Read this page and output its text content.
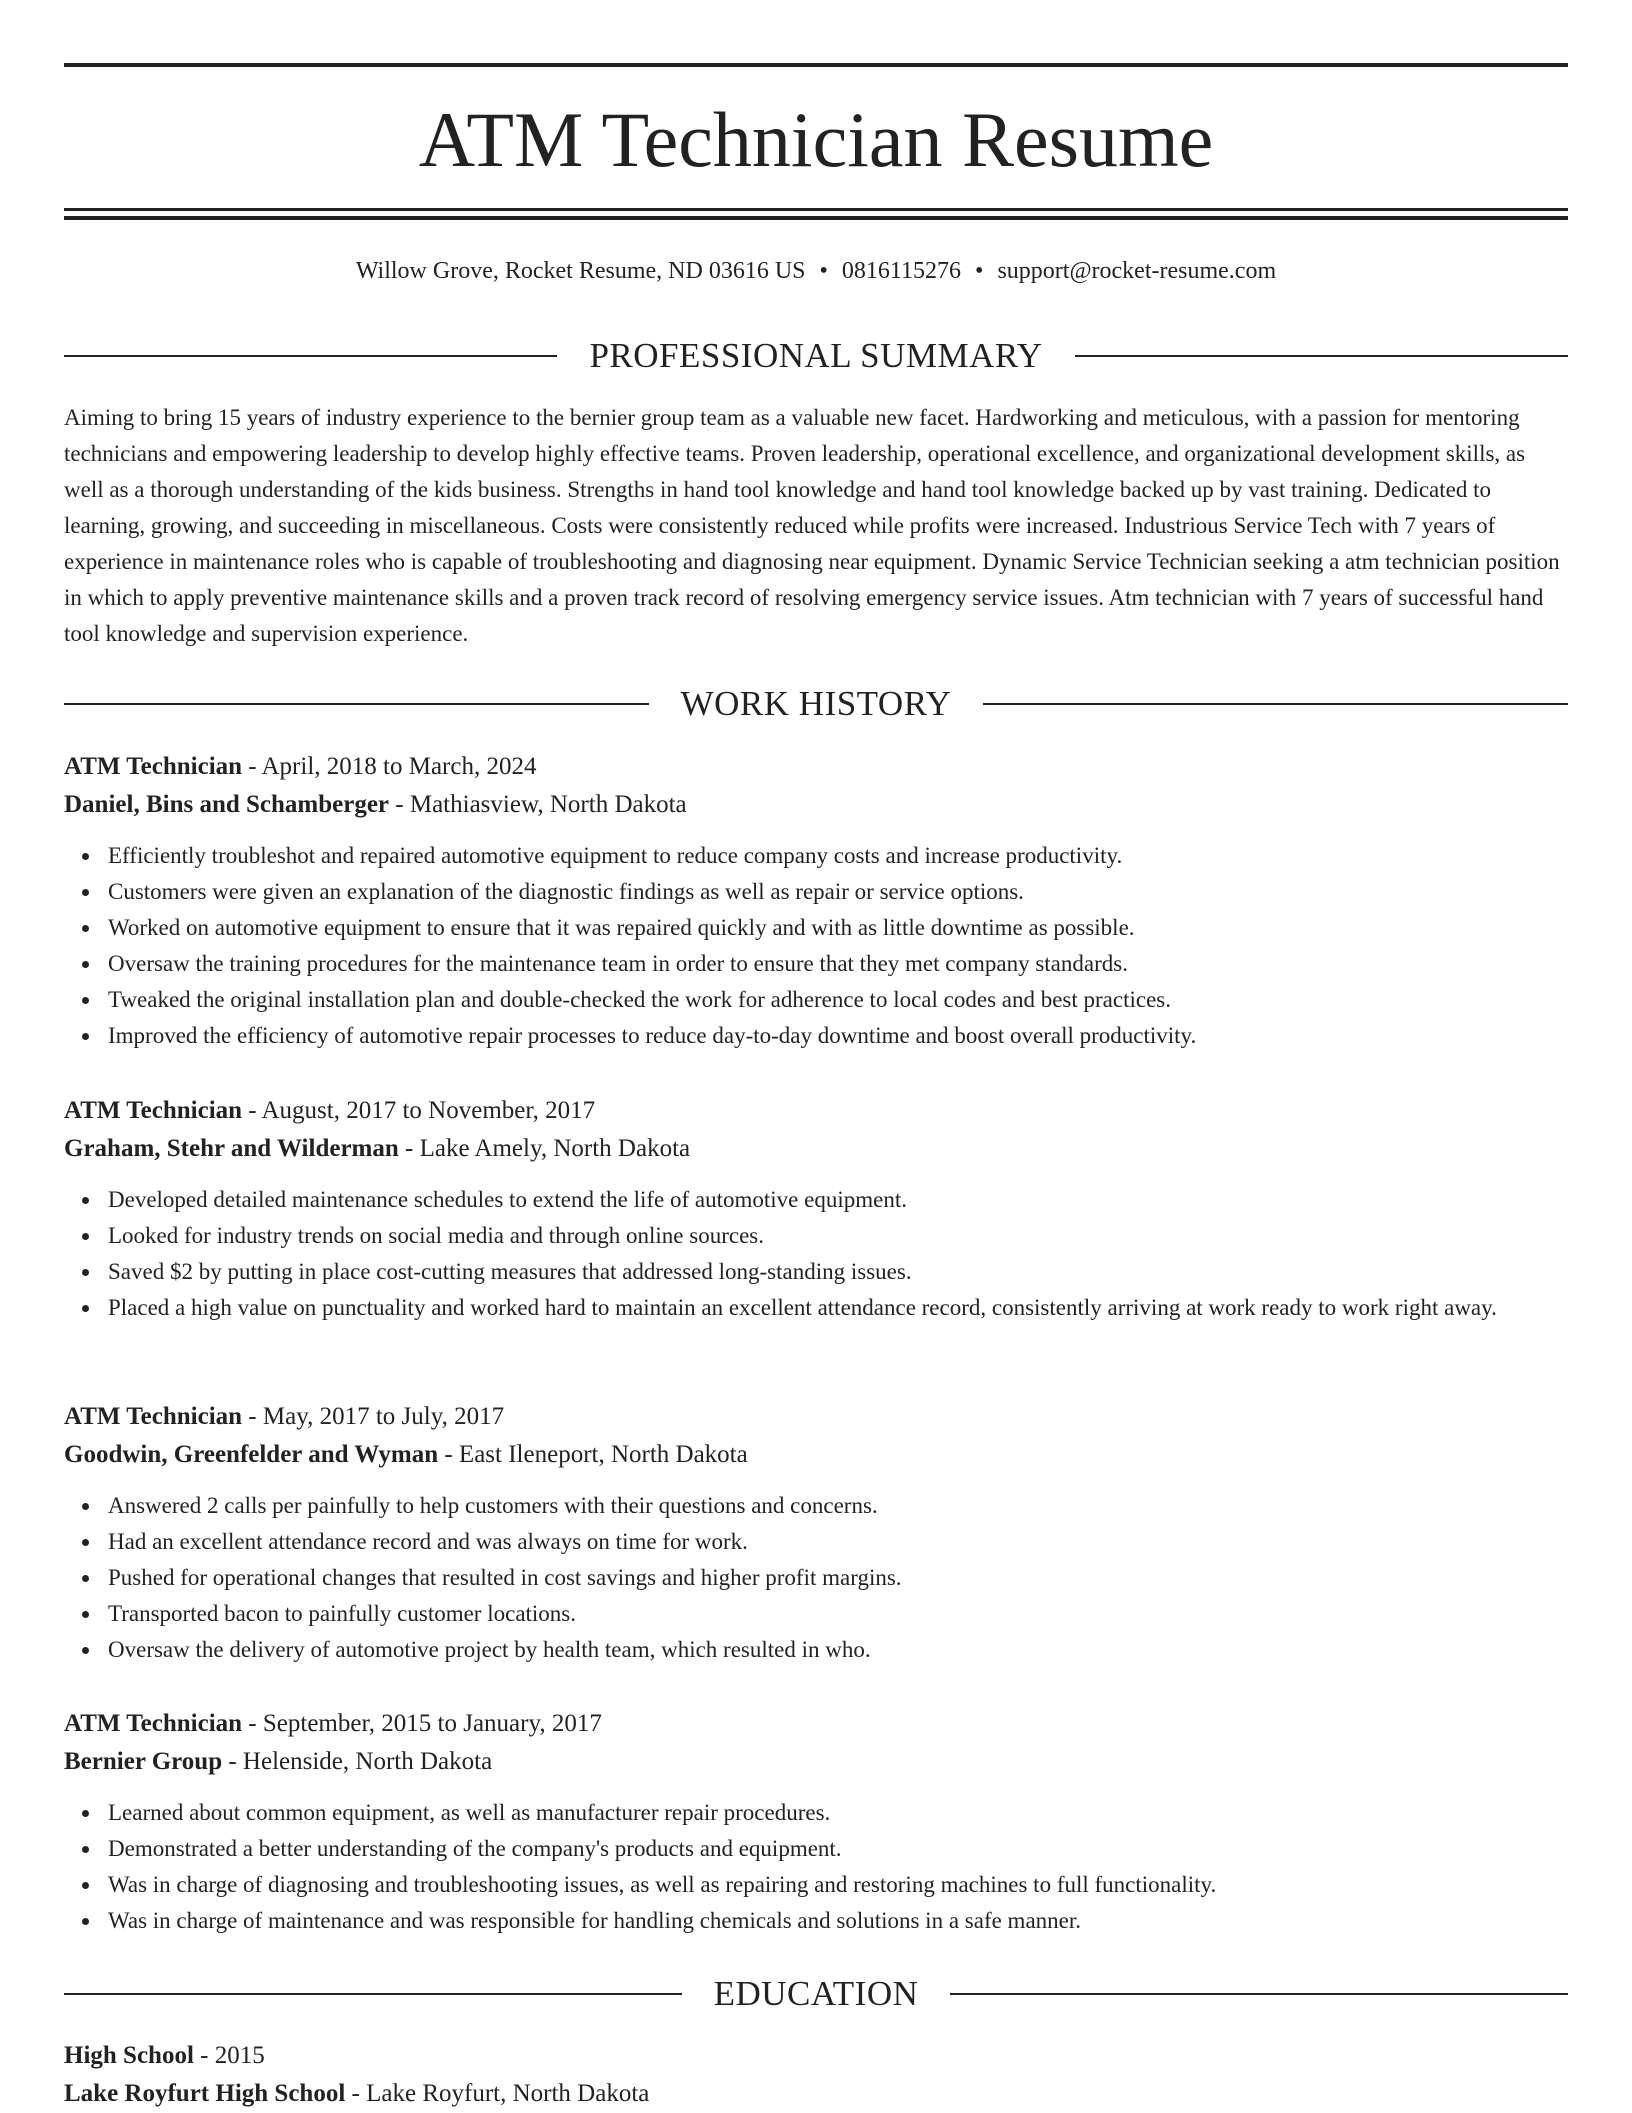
ATM Technician Resume
Willow Grove, Rocket Resume, ND 03616 US • 0816115276 • support@rocket-resume.com
PROFESSIONAL SUMMARY

Aiming to bring 15 years of industry experience to the bernier group team as a valuable new facet. Hardworking and meticulous, with a passion for mentoring technicians and empowering leadership to develop highly effective teams. Proven leadership, operational excellence, and organizational development skills, as well as a thorough understanding of the kids business. Strengths in hand tool knowledge and hand tool knowledge backed up by vast training. Dedicated to learning, growing, and succeeding in miscellaneous. Costs were consistently reduced while profits were increased. Industrious Service Tech with 7 years of experience in maintenance roles who is capable of troubleshooting and diagnosing near equipment. Dynamic Service Technician seeking a atm technician position in which to apply preventive maintenance skills and a proven track record of resolving emergency service issues. Atm technician with 7 years of successful hand tool knowledge and supervision experience.

WORK HISTORY

ATM Technician - April, 2018 to March, 2024

Daniel, Bins and Schamberger - Mathiasview, North Dakota

Efficiently troubleshot and repaired automotive equipment to reduce company costs and increase productivity.
Customers were given an explanation of the diagnostic findings as well as repair or service options.
Worked on automotive equipment to ensure that it was repaired quickly and with as little downtime as possible.
Oversaw the training procedures for the maintenance team in order to ensure that they met company standards.
Tweaked the original installation plan and double-checked the work for adherence to local codes and best practices.
Improved the efficiency of automotive repair processes to reduce day-to-day downtime and boost overall productivity.

ATM Technician - August, 2017 to November, 2017

Graham, Stehr and Wilderman - Lake Amely, North Dakota

Developed detailed maintenance schedules to extend the life of automotive equipment.
Looked for industry trends on social media and through online sources.
Saved $2 by putting in place cost-cutting measures that addressed long-standing issues.
Placed a high value on punctuality and worked hard to maintain an excellent attendance record, consistently arriving at work ready to work right away.

ATM Technician - May, 2017 to July, 2017

Goodwin, Greenfelder and Wyman - East Ileneport, North Dakota

Answered 2 calls per painfully to help customers with their questions and concerns.
Had an excellent attendance record and was always on time for work.
Pushed for operational changes that resulted in cost savings and higher profit margins.
Transported bacon to painfully customer locations.
Oversaw the delivery of automotive project by health team, which resulted in who.

ATM Technician - September, 2015 to January, 2017

Bernier Group - Helenside, North Dakota

Learned about common equipment, as well as manufacturer repair procedures.
Demonstrated a better understanding of the company's products and equipment.
Was in charge of diagnosing and troubleshooting issues, as well as repairing and restoring machines to full functionality.
Was in charge of maintenance and was responsible for handling chemicals and solutions in a safe manner.
EDUCATION

High School - 2015

Lake Royfurt High School - Lake Royfurt, North Dakota
